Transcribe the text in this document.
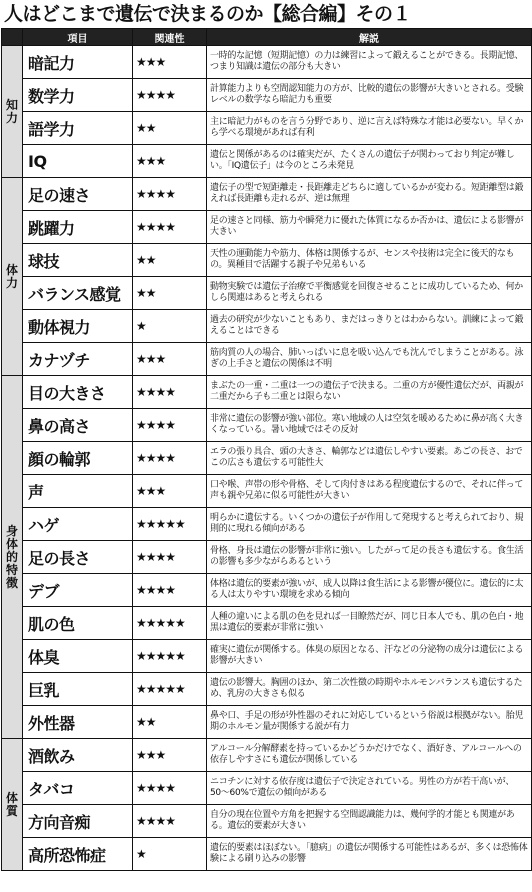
人はどこまで遺伝で決まるのか【総合編】その１
	項目	関連性	解説
知力	暗記力	★★★	一時的な記憶（短期記憶）の力は練習によって鍛えることができる。長期記憶、つまり知識は遺伝の部分も大きい
	数学力	★★★★	計算能力よりも空間認知能力の方が、比較的遺伝の影響が大きいとされる。受験レベルの数学なら暗記力も重要
	語学力	★★	主に暗記力がものを言う分野であり、逆に言えば特殊な才能は必要ない。早くから学べる環境があれば有利
	IQ	★★★	遺伝と関係があるのは確実だが、たくさんの遺伝子が関わっており判定が難しい。「IQ遺伝子」は今のところ未発見
体力	足の速さ	★★★★	遺伝子の型で短距離走・長距離走どちらに適しているかが変わる。短距離型は鍛えれば長距離も走れるが、逆は無理
	跳躍力	★★★★	足の速さと同様、筋力や瞬発力に優れた体質になるか否かは、遺伝による影響が大きい
	球技	★★	天性の運動能力や筋力、体格は関係するが、センスや技術は完全に後天的なもの。異種目で活躍する親子や兄弟もいる
	バランス感覚	★★	動物実験では遺伝子治療で平衡感覚を回復させることに成功しているため、何かしら関連はあると考えられる
	動体視力	★	過去の研究が少ないこともあり、まだはっきりとはわからない。訓練によって鍛えることはできる
	カナヅチ	★★★	筋肉質の人の場合、肺いっぱいに息を吸い込んでも沈んでしまうことがある。泳ぎの上手さと遺伝の関係は不明
身体的特徴	目の大きさ	★★★★	まぶたの一重・二重は一つの遺伝子で決まる。二重の方が優性遺伝だが、両親が二重だから子も二重とは限らない
	鼻の高さ	★★★★	非常に遺伝の影響が強い部位。寒い地域の人は空気を暖めるために鼻が高く大きくなっている。暑い地域ではその反対
	顔の輪郭	★★★★	エラの張り具合、頭の大きさ、輪郭などは遺伝しやすい要素。あごの長さ、おでこの広さも遺伝する可能性大
	声	★★★	口や喉、声帯の形や骨格、そして肉付きはある程度遺伝するので、それに伴って声も親や兄弟に似る可能性が大きい
	ハゲ	★★★★★	明らかに遺伝する。いくつかの遺伝子が作用して発現すると考えられており、規則的に現れる傾向がある
	足の長さ	★★★★	骨格、身長は遺伝の影響が非常に強い。したがって足の長さも遺伝する。食生活の影響も多少ながらあるという
	デブ	★★★★	体格は遺伝的要素が強いが、成人以降は食生活による影響が優位に。遺伝的に太る人は太りやすい環境を求める傾向
	肌の色	★★★★★	人種の違いによる肌の色を見れば一目瞭然だが、同じ日本人でも、肌の色白・地黒は遺伝的要素が非常に強い
	体臭	★★★★★	確実に遺伝が関係する。体臭の原因となる、汗などの分泌物の成分は遺伝による影響が大きい
	巨乳	★★★★★	遺伝の影響大。胸囲のほか、第二次性徴の時期やホルモンバランスも遺伝するため、乳房の大きさも似る
	外性器	★★	鼻や口、手足の形が外性器のそれに対応しているという俗説は根拠がない。胎児期のホルモン量が関係する説が有力
体質	酒飲み	★★★	アルコール分解酵素を持っているかどうかだけでなく、酒好き、アルコールへの依存しやすさにも遺伝が関係している
	タバコ	★★★★	ニコチンに対する依存度は遺伝子で決定されている。男性の方が若干高いが、50〜60%で遺伝の傾向がある
	方向音痴	★★★★	自分の現在位置や方角を把握する空間認識能力は、幾何学的才能とも関連がある。遺伝的要素が大きい
	高所恐怖症	★	遺伝的要素はほぼない。「臆病」の遺伝が関係する可能性はあるが、多くは恐怖体験による刷り込みの影響
